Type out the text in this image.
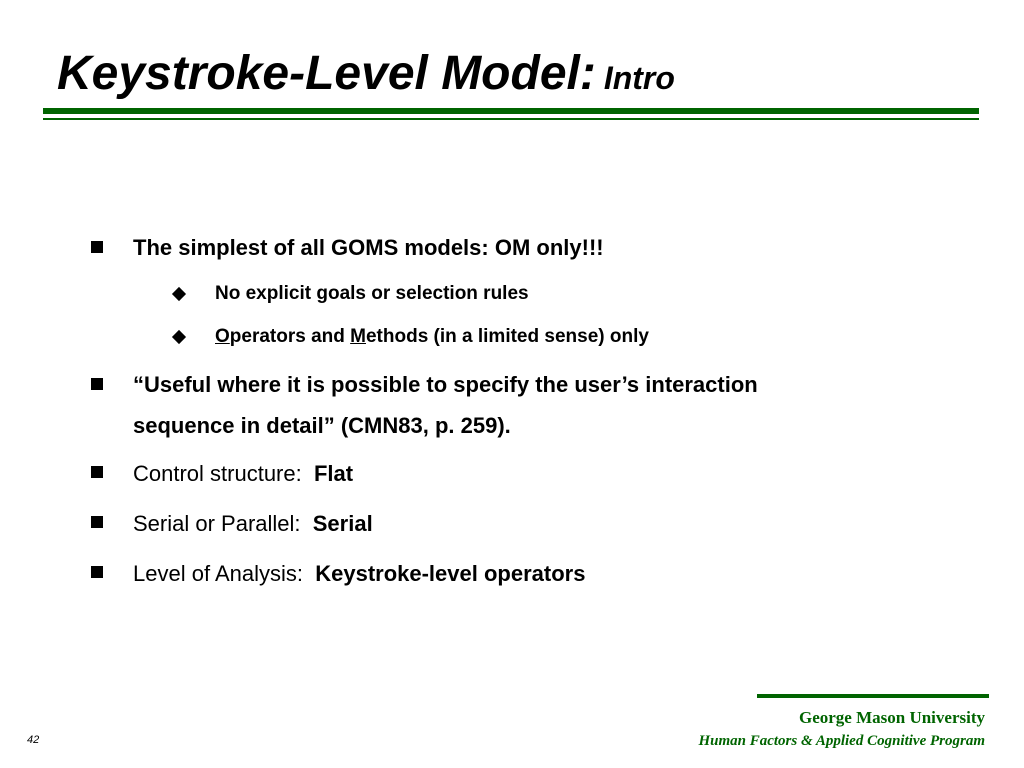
Keystroke-Level Model: Intro
The simplest of all GOMS models: OM only!!!
No explicit goals or selection rules
Operators and Methods (in a limited sense) only
“Useful where it is possible to specify the user’s interaction
sequence in detail” (CMN83, p. 259).
Control structure: Flat
Serial or Parallel: Serial
Level of Analysis: Keystroke-level operators
George Mason University
Human Factors & Applied Cognitive Program
42
